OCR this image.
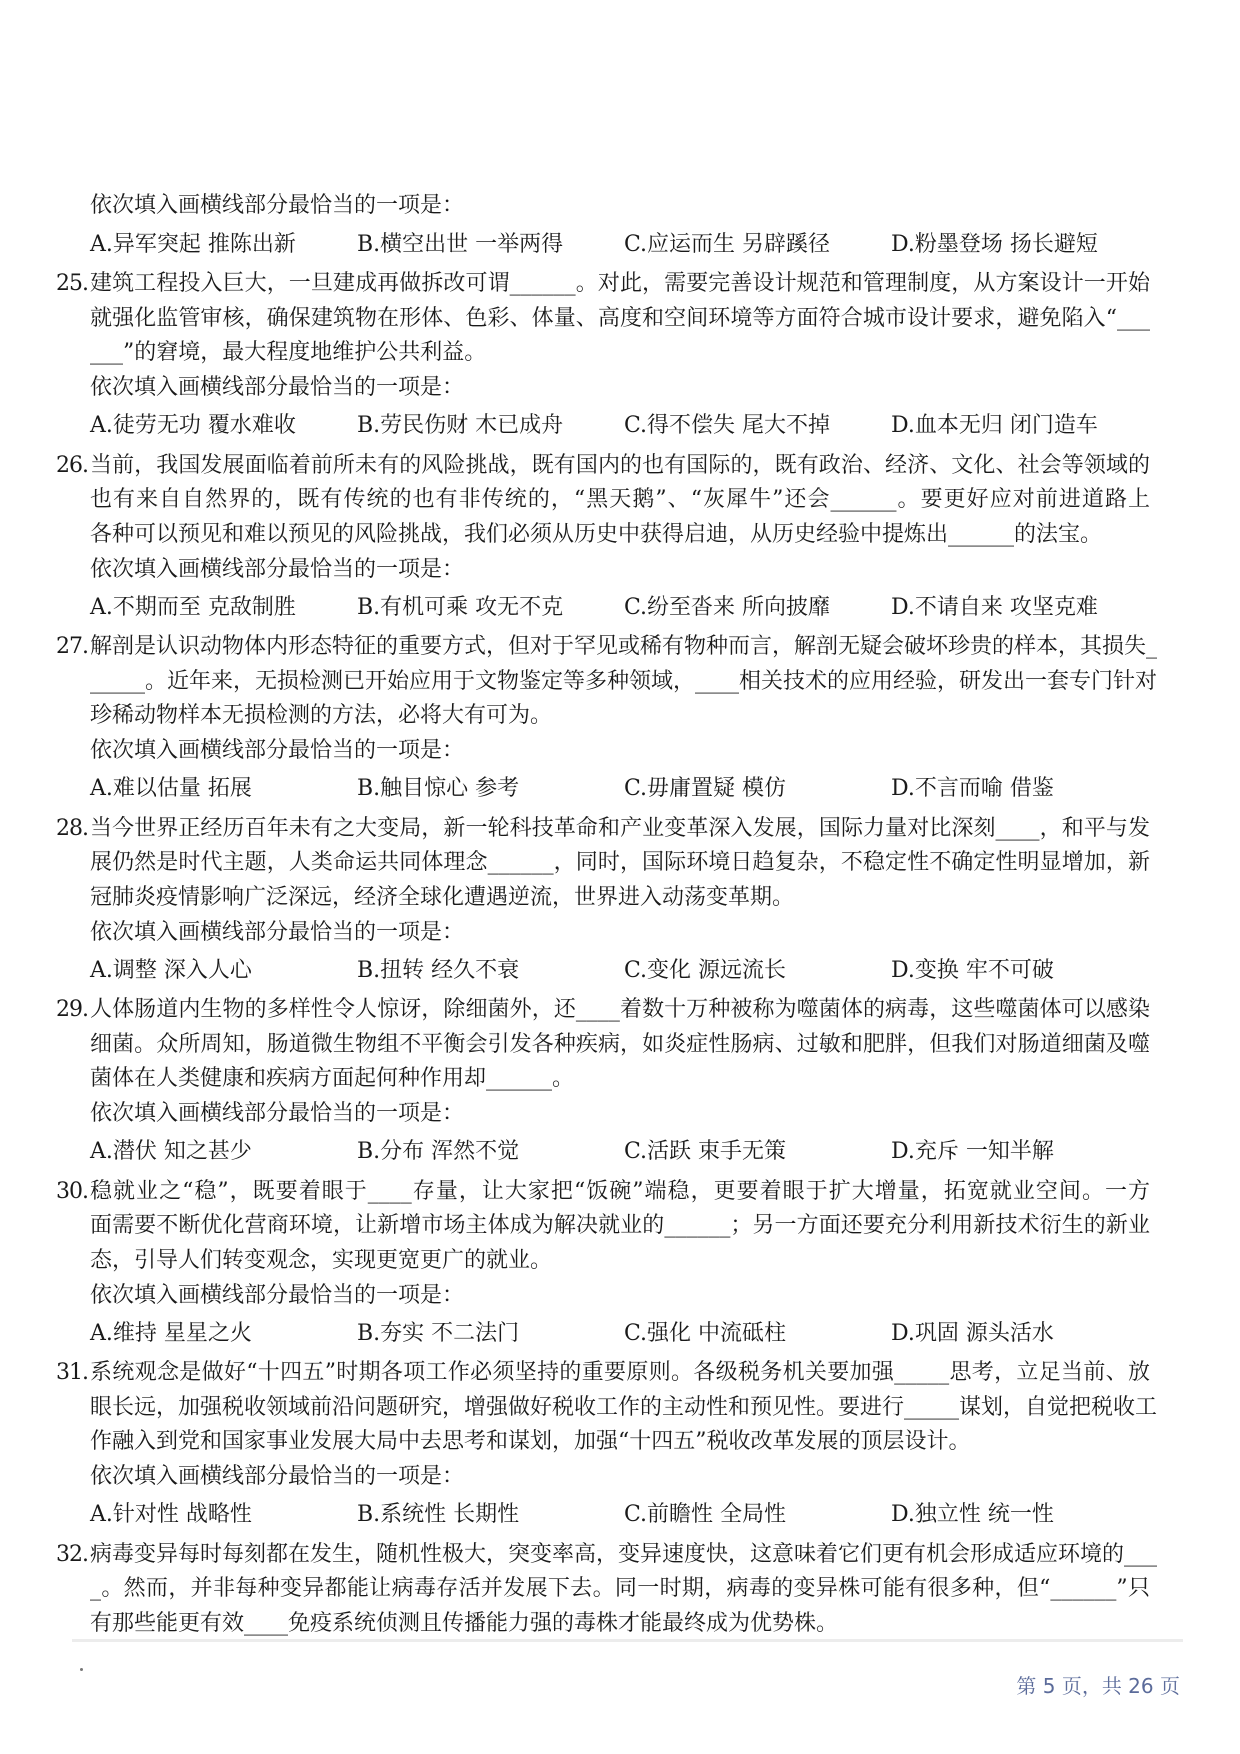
依次填入画横线部分最恰当的一项是：
A.异军突起 推陈出新	B.横空出世 一举两得	C.应运而生 另辟蹊径	D.粉墨登场 扬长避短
25. 建筑工程投入巨大，一旦建成再做拆改可谓______。对此，需要完善设计规范和管理制度，从方案设计一开始
就强化监管审核，确保建筑物在形体、色彩、体量、高度和空间环境等方面符合城市设计要求，避免陷入“___
___”的窘境，最大程度地维护公共利益。
依次填入画横线部分最恰当的一项是：
A.徒劳无功 覆水难收	B.劳民伤财 木已成舟	C.得不偿失 尾大不掉	D.血本无归 闭门造车
26. 当前，我国发展面临着前所未有的风险挑战，既有国内的也有国际的，既有政治、经济、文化、社会等领域的
也有来自自然界的，既有传统的也有非传统的，“黑天鹅”、“灰犀牛”还会______。要更好应对前进道路上
各种可以预见和难以预见的风险挑战，我们必须从历史中获得启迪，从历史经验中提炼出______的法宝。
依次填入画横线部分最恰当的一项是：
A.不期而至 克敌制胜	B.有机可乘 攻无不克	C.纷至沓来 所向披靡	D.不请自来 攻坚克难
27. 解剖是认识动物体内形态特征的重要方式，但对于罕见或稀有物种而言，解剖无疑会破坏珍贵的样本，其损失_
_____。近年来，无损检测已开始应用于文物鉴定等多种领域，____相关技术的应用经验，研发出一套专门针对
珍稀动物样本无损检测的方法，必将大有可为。
依次填入画横线部分最恰当的一项是：
A.难以估量 拓展	B.触目惊心 参考	C.毋庸置疑 模仿	D.不言而喻 借鉴
28. 当今世界正经历百年未有之大变局，新一轮科技革命和产业变革深入发展，国际力量对比深刻____，和平与发
展仍然是时代主题，人类命运共同体理念______，同时，国际环境日趋复杂，不稳定性不确定性明显增加，新
冠肺炎疫情影响广泛深远，经济全球化遭遇逆流，世界进入动荡变革期。
依次填入画横线部分最恰当的一项是：
A.调整 深入人心	B.扭转 经久不衰	C.变化 源远流长	D.变换 牢不可破
29. 人体肠道内生物的多样性令人惊讶，除细菌外，还____着数十万种被称为噬菌体的病毒，这些噬菌体可以感染
细菌。众所周知，肠道微生物组不平衡会引发各种疾病，如炎症性肠病、过敏和肥胖，但我们对肠道细菌及噬
菌体在人类健康和疾病方面起何种作用却______。
依次填入画横线部分最恰当的一项是：
A.潜伏 知之甚少	B.分布 浑然不觉	C.活跃 束手无策	D.充斥 一知半解
30. 稳就业之“稳”，既要着眼于____存量，让大家把“饭碗”端稳，更要着眼于扩大增量，拓宽就业空间。一方
面需要不断优化营商环境，让新增市场主体成为解决就业的______；另一方面还要充分利用新技术衍生的新业
态，引导人们转变观念，实现更宽更广的就业。
依次填入画横线部分最恰当的一项是：
A.维持 星星之火	B.夯实 不二法门	C.强化 中流砥柱	D.巩固 源头活水
31. 系统观念是做好“十四五”时期各项工作必须坚持的重要原则。各级税务机关要加强_____思考，立足当前、放
眼长远，加强税收领域前沿问题研究，增强做好税收工作的主动性和预见性。要进行_____谋划，自觉把税收工
作融入到党和国家事业发展大局中去思考和谋划，加强“十四五”税收改革发展的顶层设计。
依次填入画横线部分最恰当的一项是：
A.针对性 战略性	B.系统性 长期性	C.前瞻性 全局性	D.独立性 统一性
32. 病毒变异每时每刻都在发生，随机性极大，突变率高，变异速度快，这意味着它们更有机会形成适应环境的___
_。然而，并非每种变异都能让病毒存活并发展下去。同一时期，病毒的变异株可能有很多种，但“______”只
有那些能更有效____免疫系统侦测且传播能力强的毒株才能最终成为优势株。
第 5 页，共 26 页
